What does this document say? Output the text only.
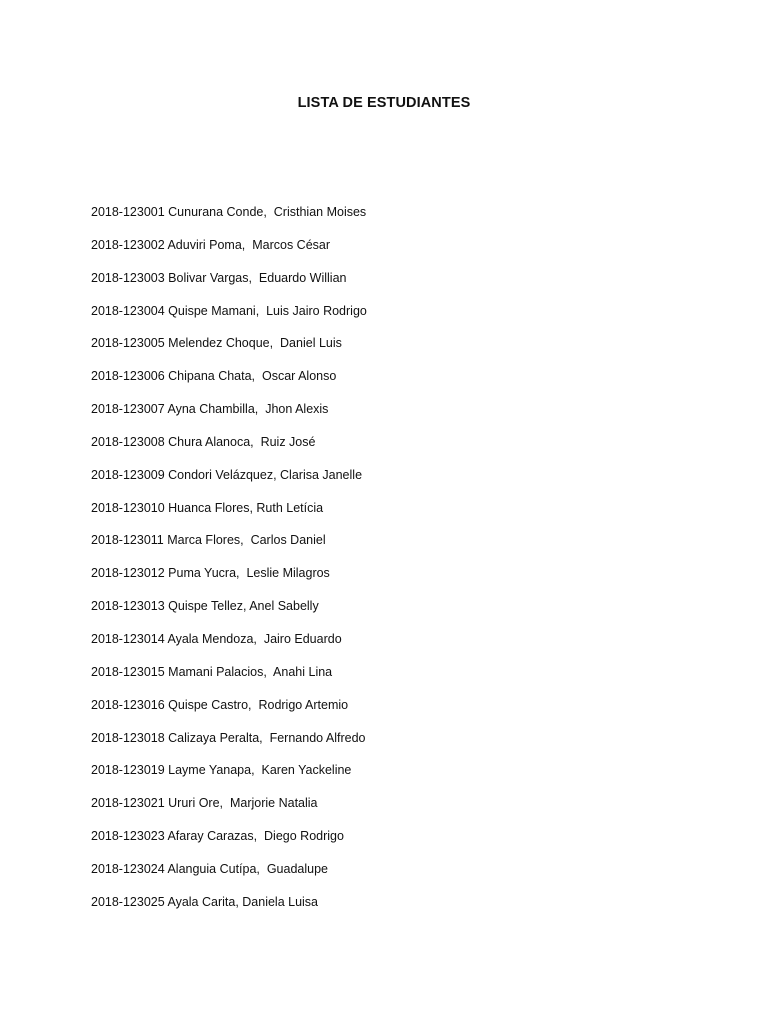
LISTA DE ESTUDIANTES
2018-123001 Cunurana Conde,  Cristhian Moises
2018-123002 Aduviri Poma,  Marcos César
2018-123003 Bolivar Vargas,  Eduardo Willian
2018-123004 Quispe Mamani,  Luis Jairo Rodrigo
2018-123005 Melendez Choque,  Daniel Luis
2018-123006 Chipana Chata,  Oscar Alonso
2018-123007 Ayna Chambilla,  Jhon Alexis
2018-123008 Chura Alanoca,  Ruiz José
2018-123009 Condori Velázquez, Clarisa Janelle
2018-123010 Huanca Flores, Ruth Letícia
2018-123011 Marca Flores,  Carlos Daniel
2018-123012 Puma Yucra,  Leslie Milagros
2018-123013 Quispe Tellez, Anel Sabelly
2018-123014 Ayala Mendoza,  Jairo Eduardo
2018-123015 Mamani Palacios,  Anahi Lina
2018-123016 Quispe Castro,  Rodrigo Artemio
2018-123018 Calizaya Peralta,  Fernando Alfredo
2018-123019 Layme Yanapa,  Karen Yackeline
2018-123021 Ururi Ore,  Marjorie Natalia
2018-123023 Afaray Carazas,  Diego Rodrigo
2018-123024 Alanguia Cutípa,  Guadalupe
2018-123025 Ayala Carita, Daniela Luisa
